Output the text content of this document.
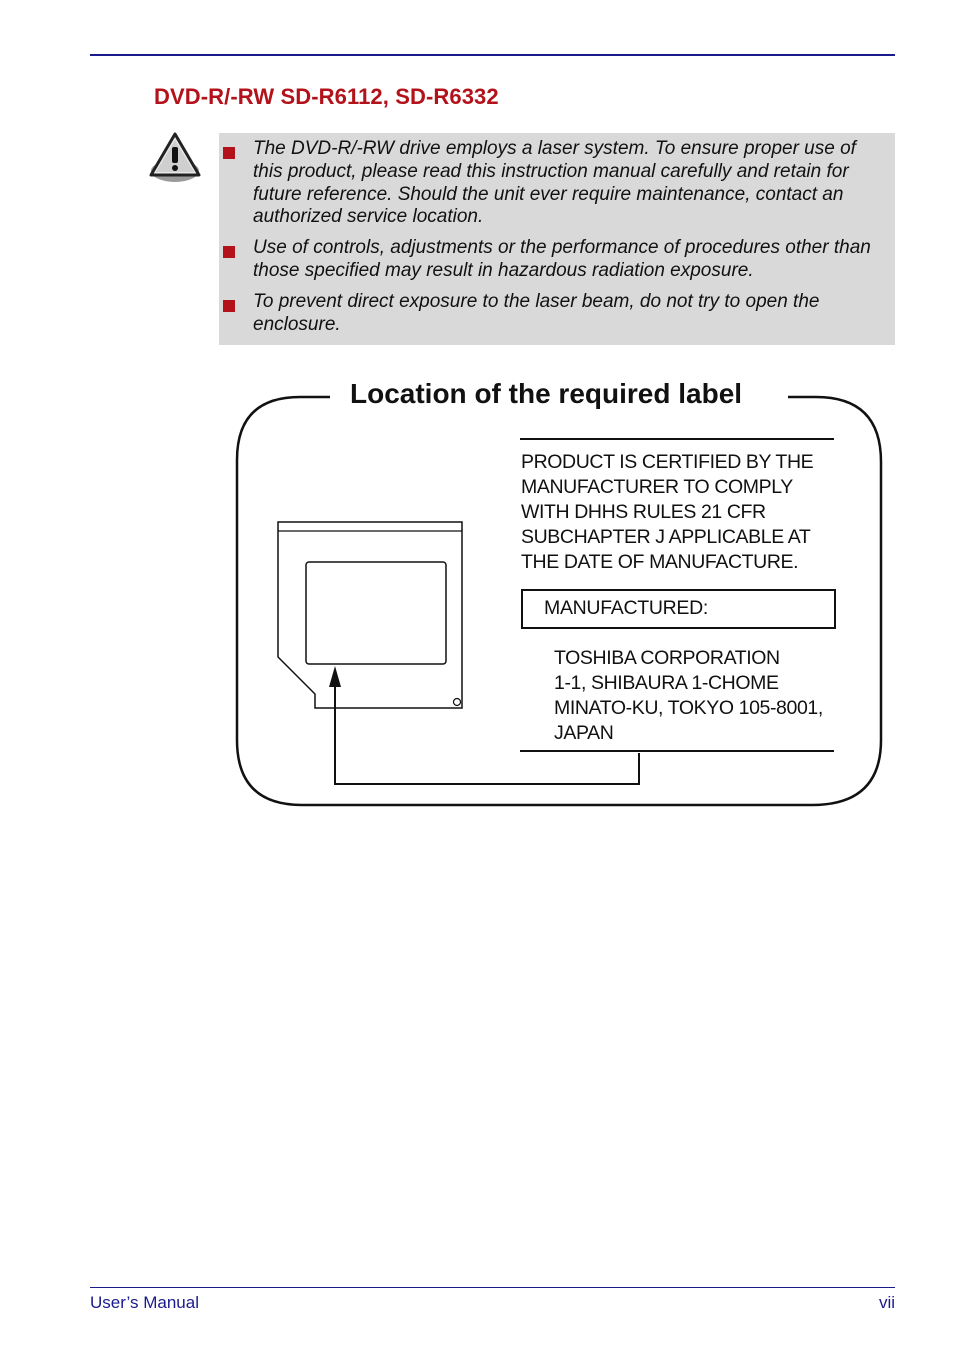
DVD-R/-RW SD-R6112, SD-R6332
The DVD-R/-RW drive employs a laser system. To ensure proper use of this product, please read this instruction manual carefully and retain for future reference. Should the unit ever require maintenance, contact an authorized service location.
Use of controls, adjustments or the performance of procedures other than those specified may result in hazardous radiation exposure.
To prevent direct exposure to the laser beam, do not try to open the enclosure.
Location of the required label
PRODUCT IS CERTIFIED BY THE
MANUFACTURER TO COMPLY
WITH DHHS RULES 21 CFR
SUBCHAPTER J APPLICABLE AT
THE DATE OF MANUFACTURE.
MANUFACTURED:
TOSHIBA CORPORATION
1-1, SHIBAURA 1-CHOME
MINATO-KU, TOKYO 105-8001,
JAPAN
User’s Manual	vii
